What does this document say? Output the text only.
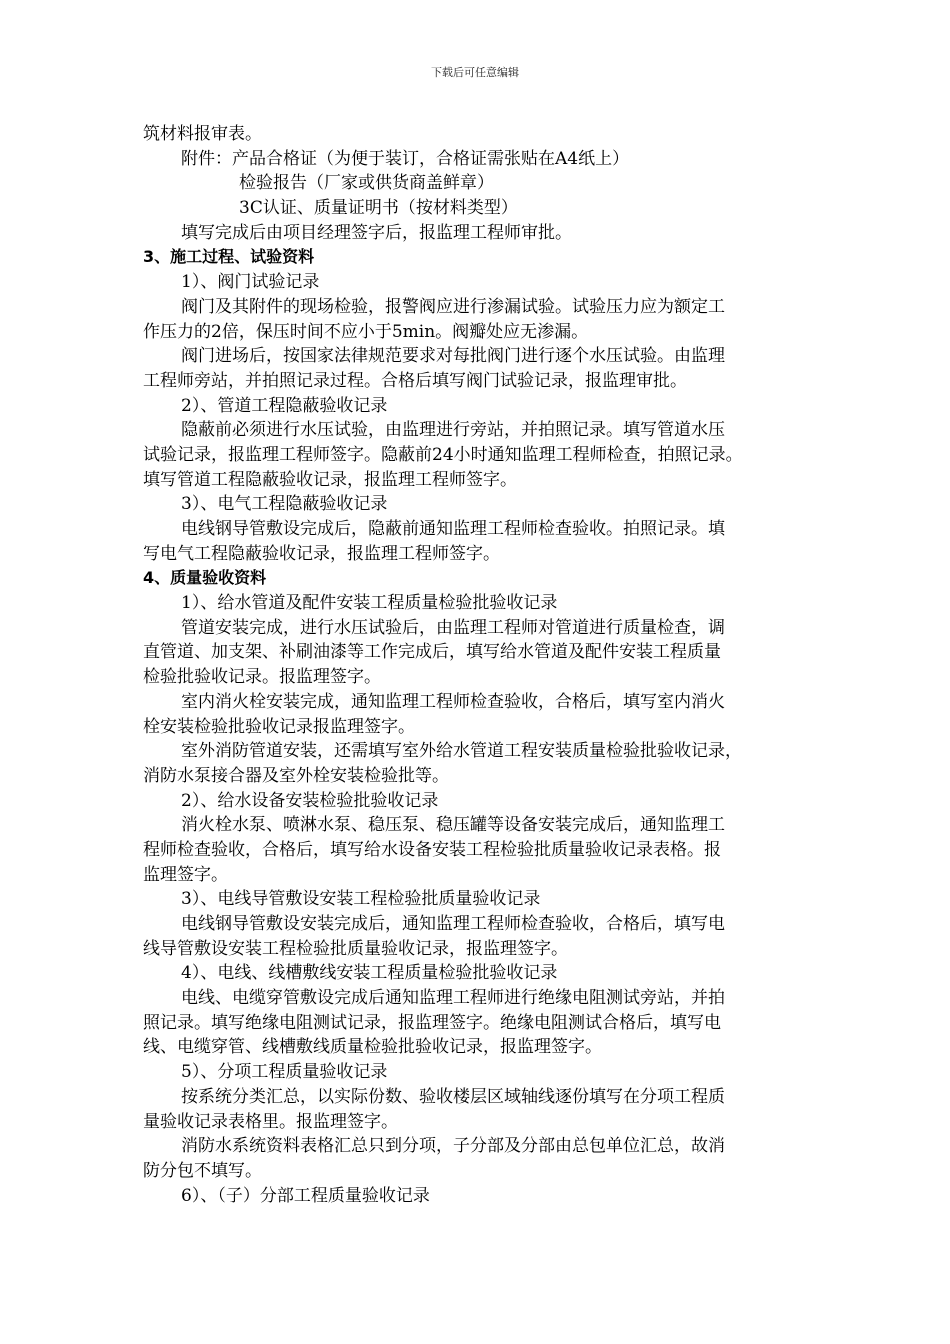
下载后可任意编辑
筑材料报审表。
附件：产品合格证（为便于装订，合格证需张贴在A4纸上）
检验报告（厂家或供货商盖鲜章）
3C认证、质量证明书（按材料类型）
填写完成后由项目经理签字后，报监理工程师审批。
3、施工过程、试验资料
1）、阀门试验记录
阀门及其附件的现场检验，报警阀应进行渗漏试验。试验压力应为额定工
作压力的2倍，保压时间不应小于5min。阀瓣处应无渗漏。
阀门进场后，按国家法律规范要求对每批阀门进行逐个水压试验。由监理
工程师旁站，并拍照记录过程。合格后填写阀门试验记录，报监理审批。
2）、管道工程隐蔽验收记录
隐蔽前必须进行水压试验，由监理进行旁站，并拍照记录。填写管道水压
试验记录，报监理工程师签字。隐蔽前24小时通知监理工程师检查，拍照记录。
填写管道工程隐蔽验收记录，报监理工程师签字。
3）、电气工程隐蔽验收记录
电线钢导管敷设完成后，隐蔽前通知监理工程师检查验收。拍照记录。填
写电气工程隐蔽验收记录，报监理工程师签字。
4、质量验收资料
1）、给水管道及配件安装工程质量检验批验收记录
管道安装完成，进行水压试验后，由监理工程师对管道进行质量检查，调
直管道、加支架、补刷油漆等工作完成后，填写给水管道及配件安装工程质量
检验批验收记录。报监理签字。
室内消火栓安装完成，通知监理工程师检查验收，合格后，填写室内消火
栓安装检验批验收记录报监理签字。
室外消防管道安装，还需填写室外给水管道工程安装质量检验批验收记录，
消防水泵接合器及室外栓安装检验批等。
2）、给水设备安装检验批验收记录
消火栓水泵、喷淋水泵、稳压泵、稳压罐等设备安装完成后，通知监理工
程师检查验收，合格后，填写给水设备安装工程检验批质量验收记录表格。报
监理签字。
3）、电线导管敷设安装工程检验批质量验收记录
电线钢导管敷设安装完成后，通知监理工程师检查验收，合格后，填写电
线导管敷设安装工程检验批质量验收记录，报监理签字。
4）、电线、线槽敷线安装工程质量检验批验收记录
电线、电缆穿管敷设完成后通知监理工程师进行绝缘电阻测试旁站，并拍
照记录。填写绝缘电阻测试记录，报监理签字。绝缘电阻测试合格后，填写电
线、电缆穿管、线槽敷线质量检验批验收记录，报监理签字。
5）、分项工程质量验收记录
按系统分类汇总，以实际份数、验收楼层区域轴线逐份填写在分项工程质
量验收记录表格里。报监理签字。
消防水系统资料表格汇总只到分项，子分部及分部由总包单位汇总，故消
防分包不填写。
6）、（子）分部工程质量验收记录
